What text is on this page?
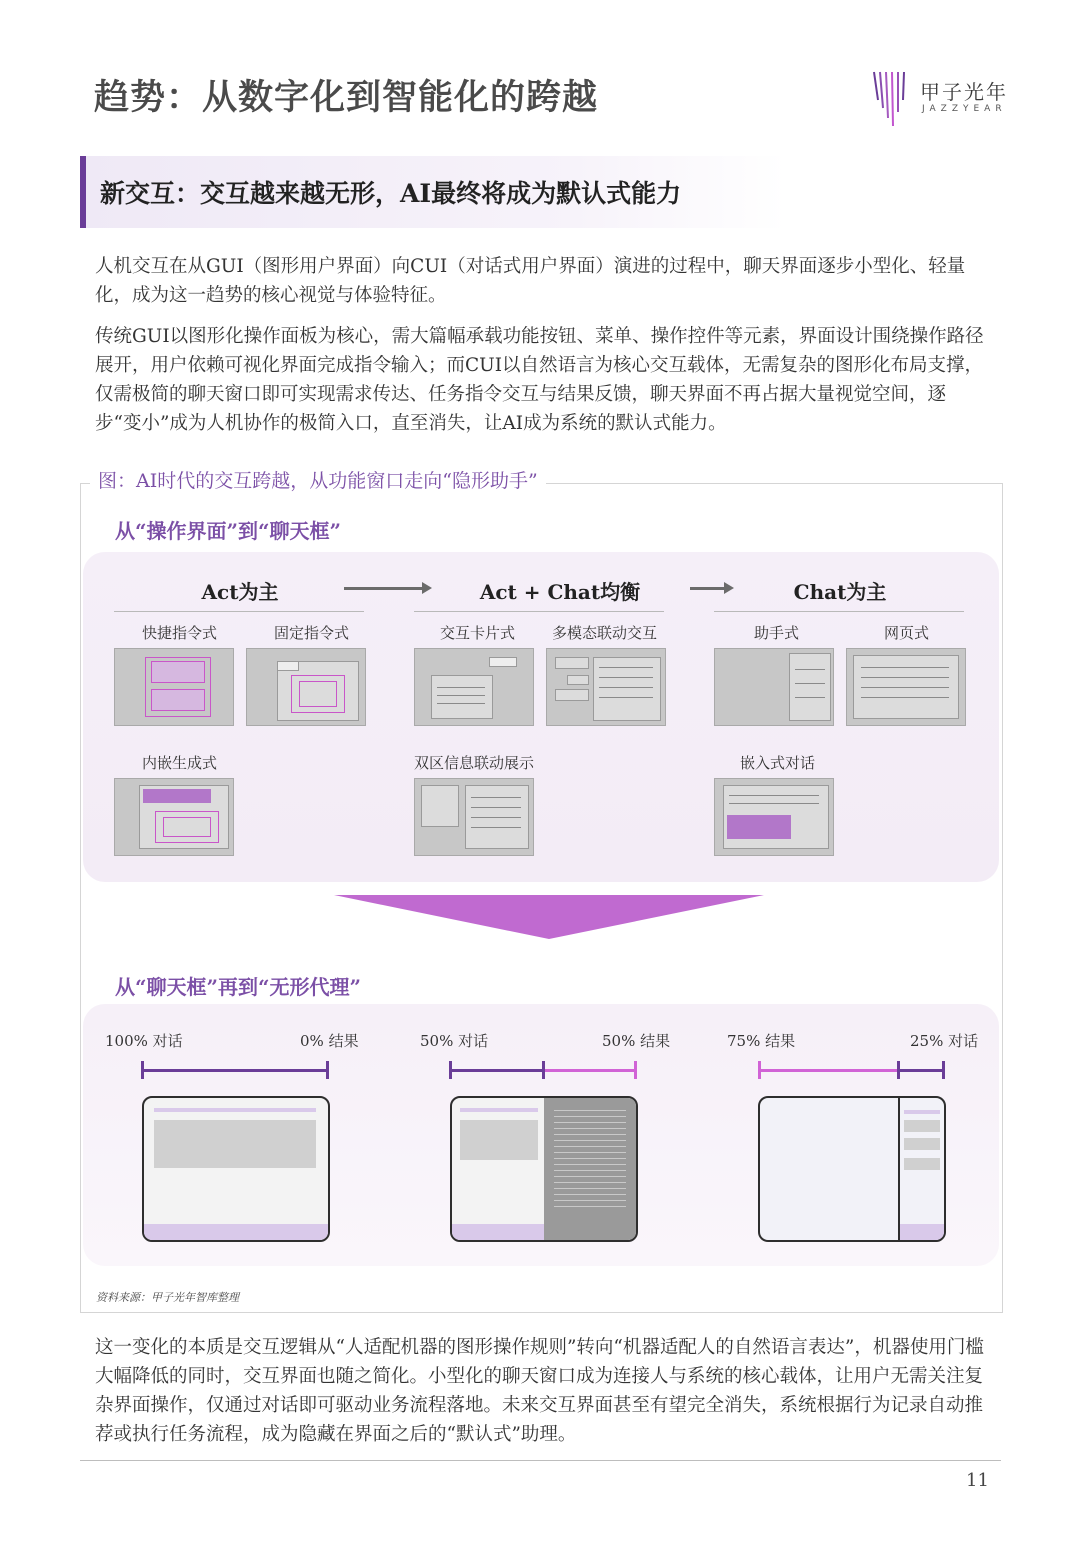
趋势：从数字化到智能化的跨越	甲子光年
JAZZYEAR
新交互：交互越来越无形，AI最终将成为默认式能力
人机交互在从GUI（图形用户界面）向CUI（对话式用户界面）演进的过程中，聊天界面逐步小型化、轻量化，成为这一趋势的核心视觉与体验特征。
传统GUI以图形化操作面板为核心，需大篇幅承载功能按钮、菜单、操作控件等元素，界面设计围绕操作路径展开，用户依赖可视化界面完成指令输入；而CUI以自然语言为核心交互载体，无需复杂的图形化布局支撑，仅需极简的聊天窗口即可实现需求传达、任务指令交互与结果反馈，聊天界面不再占据大量视觉空间，逐步“变小”成为人机协作的极简入口，直至消失，让AI成为系统的默认式能力。
图：AI时代的交互跨越，从功能窗口走向“隐形助手”
从“操作界面”到“聊天框”
Act为主	Act + Chat均衡	Chat为主
快捷指令式	固定指令式	交互卡片式 多模态联动交互	助手式	网页式
内嵌生成式	双区信息联动展示	嵌入式对话
从“聊天框”再到“无形代理”
100% 对话	0% 结果	50% 对话	50% 结果	75% 结果	25% 对话
资料来源：甲子光年智库整理
这一变化的本质是交互逻辑从“人适配机器的图形操作规则”转向“机器适配人的自然语言表达”，机器使用门槛大幅降低的同时，交互界面也随之简化。小型化的聊天窗口成为连接人与系统的核心载体，让用户无需关注复杂界面操作，仅通过对话即可驱动业务流程落地。未来交互界面甚至有望完全消失，系统根据行为记录自动推荐或执行任务流程，成为隐藏在界面之后的“默认式”助理。
11
